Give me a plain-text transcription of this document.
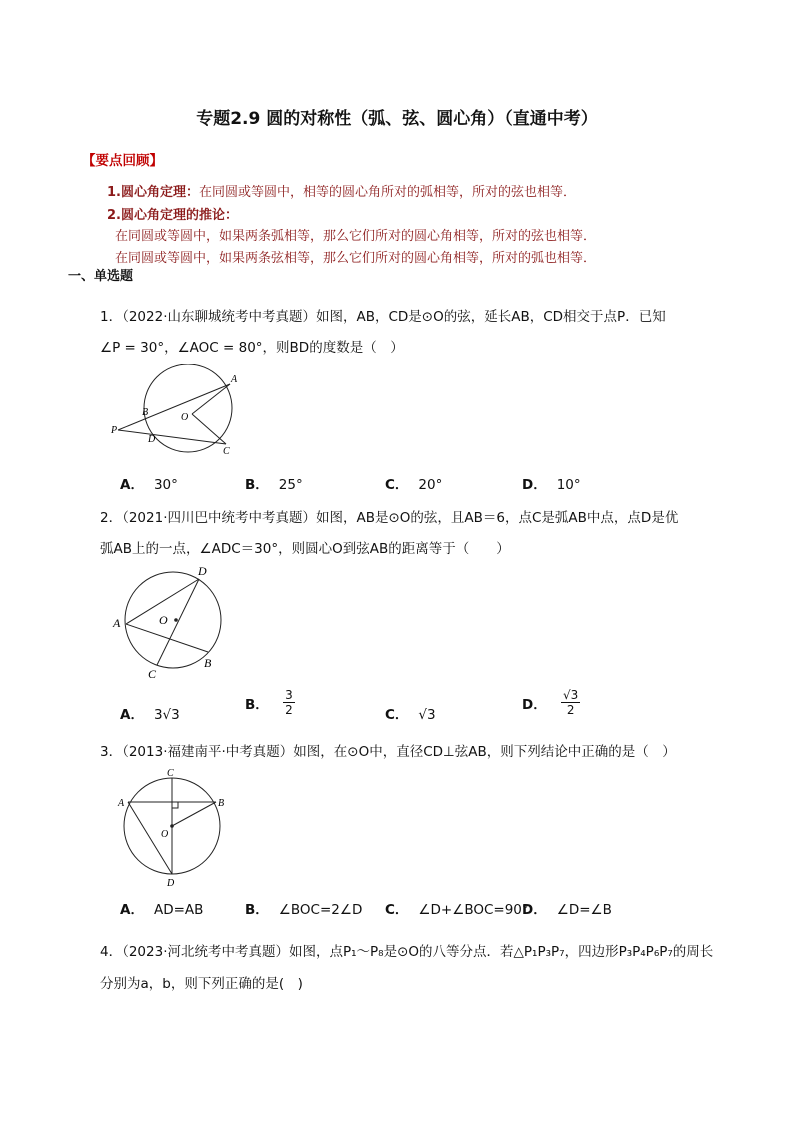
专题2.9 圆的对称性（弧、弦、圆心角）（直通中考）
【要点回顾】
1.圆心角定理：在同圆或等圆中，相等的圆心角所对的弧相等，所对的弦也相等．
2.圆心角定理的推论：
在同圆或等圆中，如果两条弧相等，那么它们所对的圆心角相等，所对的弦也相等．
在同圆或等圆中，如果两条弦相等，那么它们所对的圆心角相等，所对的弧也相等．
一、单选题
1．（2022·山东聊城统考中考真题）如图，AB，CD是⊙O的弦，延长AB，CD相交于点P．已知
∠P = 30°，∠AOC = 80°，则BD的度数是（　）
A
B	O
P
D
C
A． 30°	B． 25°	C． 20°	D． 10°
2．（2021·四川巴中统考中考真题）如图，AB是⊙O的弦，且AB＝6，点C是弧AB中点，点D是优
弧AB上的一点，∠ADC＝30°，则圆心O到弦AB的距离等于（　　）
A
B
C
D
O
A． 3√3
B． $\frac{3}{2}$	C． √3
D． $\frac{√3}{2}$
3．（2013·福建南平·中考真题）如图，在⊙O中，直径CD⊥弦AB，则下列结论中正确的是（　）
A	B
C
D
O
A． AD=AB	B． ∠BOC=2∠D C． ∠D+∠BOC=90°
D． ∠D=∠B
4．（2023·河北统考中考真题）如图，点P₁～P₈是⊙O的八等分点．若△P₁P₃P₇，四边形P₃P₄P₆P₇的周长
分别为a，b，则下列正确的是(　)
